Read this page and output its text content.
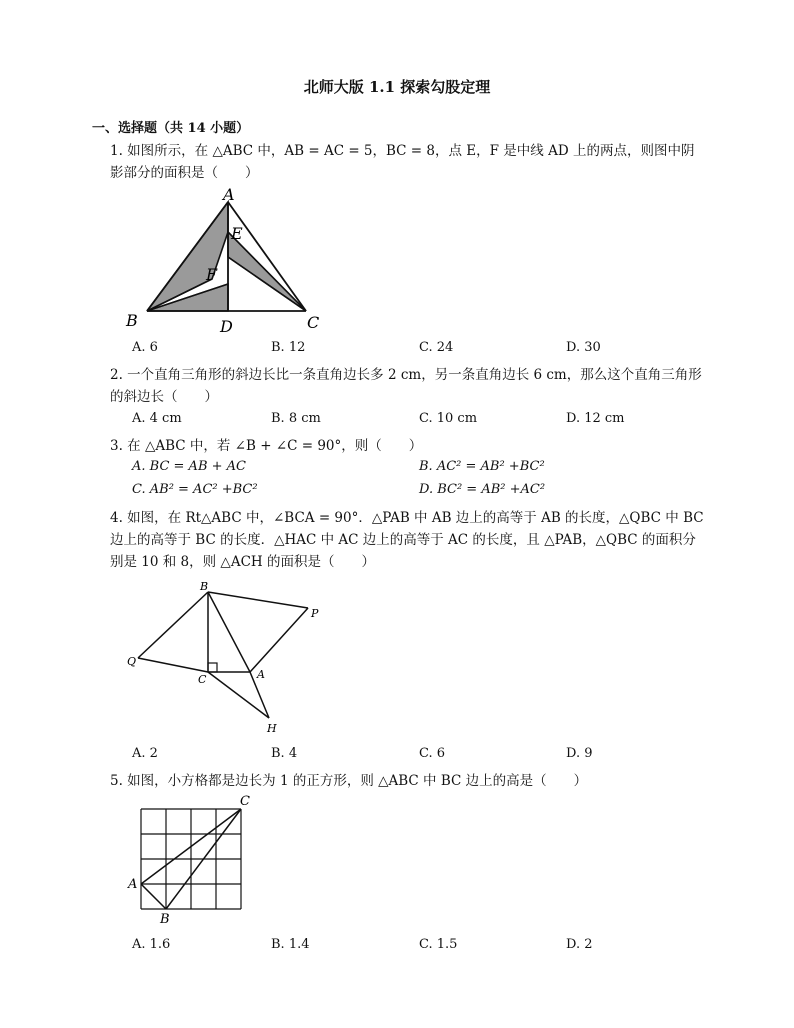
北师大版 1.1 探索勾股定理
一、选择题（共 14 小题）
1. 如图所示，在 △ABC 中，AB = AC = 5，BC = 8，点 E，F 是中线 AD 上的两点，则图中阴影部分的面积是（　　）
A
E
F
B	D	C
A. 6	B. 12	C. 24	D. 30
2. 一个直角三角形的斜边长比一条直角边长多 2 cm，另一条直角边长 6 cm，那么这个直角三角形的斜边长（　　）
A. 4 cm	B. 8 cm	C. 10 cm	D. 12 cm
3. 在 △ABC 中，若 ∠B + ∠C = 90°，则（　　）
A. BC = AB + AC	B. AC² = AB² +BC²
C. AB² = AC² +BC²	D. BC² = AB² +AC²
4. 如图，在 Rt△ABC 中，∠BCA = 90°．△PAB 中 AB 边上的高等于 AB 的长度，△QBC 中 BC 边上的高等于 BC 的长度．△HAC 中 AC 边上的高等于 AC 的长度，且 △PAB，△QBC 的面积分别是 10 和 8，则 △ACH 的面积是（　　）
B
P
Q
C	A
H
A. 2	B. 4	C. 6	D. 9
5. 如图，小方格都是边长为 1 的正方形，则 △ABC 中 BC 边上的高是（　　）
C
A
B
A. 1.6	B. 1.4	C. 1.5	D. 2
